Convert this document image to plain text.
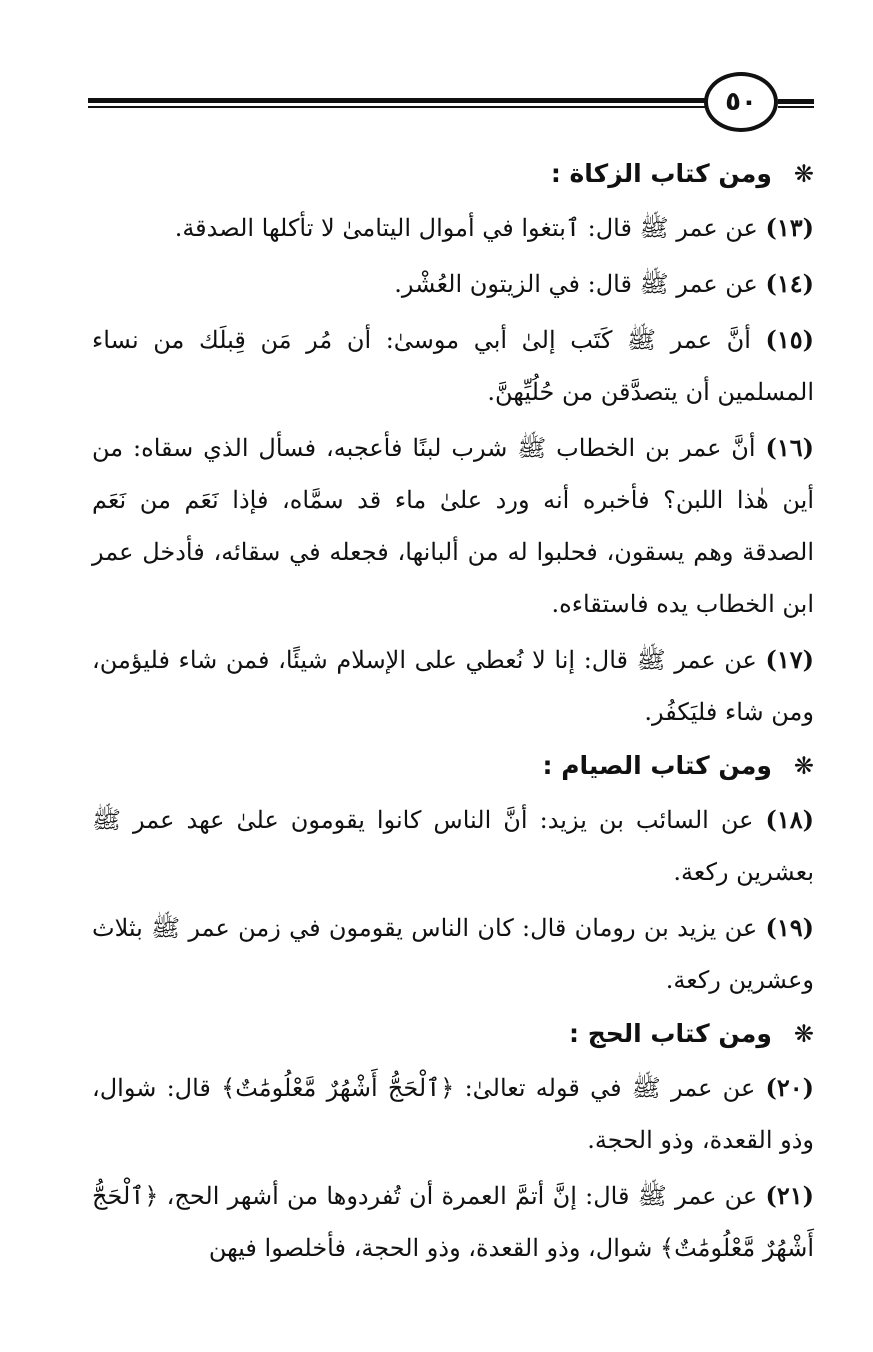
٥٠
❋ومن كتاب الزكاة :

(١٣) عن عمر ﷺ قال: ٱبتغوا في أموال اليتامىٰ لا تأكلها الصدقة.

(١٤) عن عمر ﷺ قال: في الزيتون العُشْر.

(١٥) أنَّ عمر ﷺ كَتَب إلىٰ أبي موسىٰ: أن مُر مَن قِبلَك من نساء المسلمين أن يتصدَّقن من حُلُيِّهنَّ.

(١٦) أنَّ عمر بن الخطاب ﷺ شرب لبنًا فأعجبه، فسأل الذي سقاه: من أين هٰذا اللبن؟ فأخبره أنه ورد علىٰ ماء قد سمَّاه، فإذا نَعَم من نَعَم الصدقة وهم يسقون، فحلبوا له من ألبانها، فجعله في سقائه، فأدخل عمر ابن الخطاب يده فاستقاءه.

(١٧) عن عمر ﷺ قال: إنا لا نُعطي على الإسلام شيئًا، فمن شاء فليؤمن، ومن شاء فليَكفُر.

❋ومن كتاب الصيام :

(١٨) عن السائب بن يزيد: أنَّ الناس كانوا يقومون علىٰ عهد عمر ﷺ بعشرين ركعة.

(١٩) عن يزيد بن رومان قال: كان الناس يقومون في زمن عمر ﷺ بثلاث وعشرين ركعة.

❋ومن كتاب الحج :

(٢٠) عن عمر ﷺ في قوله تعالىٰ: ﴿ٱلْحَجُّ أَشْهُرٌ مَّعْلُومَٰتٌ﴾ قال: شوال، وذو القعدة، وذو الحجة.

(٢١) عن عمر ﷺ قال: إنَّ أتمَّ العمرة أن تُفردوها من أشهر الحج، ﴿ٱلْحَجُّ أَشْهُرٌ مَّعْلُومَٰتٌ﴾ شوال، وذو القعدة، وذو الحجة، فأخلصوا فيهن
